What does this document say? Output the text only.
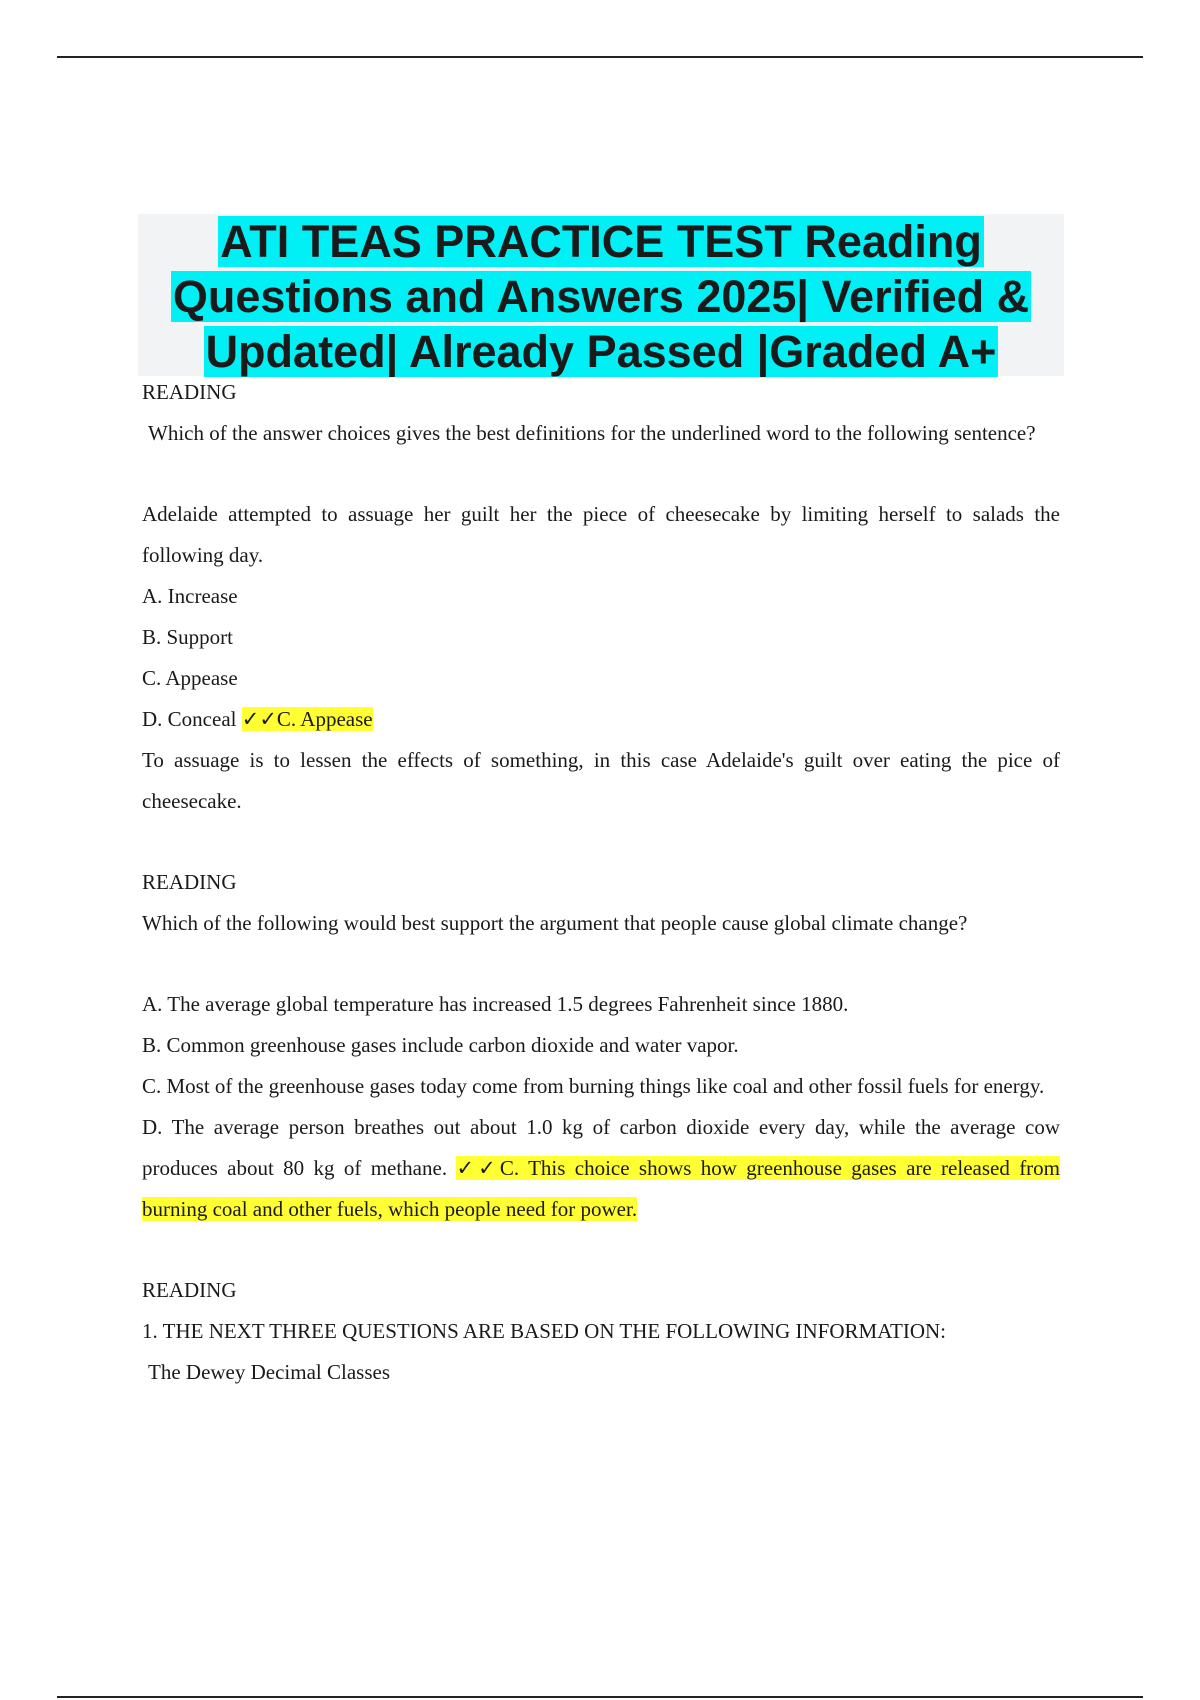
ATI TEAS PRACTICE TEST Reading
Questions and Answers 2025| Verified &
Updated| Already Passed |Graded A+

READING

Which of the answer choices gives the best definitions for the underlined word to the following sentence?

Adelaide attempted to assuage her guilt her the piece of cheesecake by limiting herself to salads the following day.

A. Increase

B. Support

C. Appease

D. Conceal ✓✓C. Appease

To assuage is to lessen the effects of something, in this case Adelaide's guilt over eating the pice of cheesecake.

READING

Which of the following would best support the argument that people cause global climate change?

A. The average global temperature has increased 1.5 degrees Fahrenheit since 1880.

B. Common greenhouse gases include carbon dioxide and water vapor.

C. Most of the greenhouse gases today come from burning things like coal and other fossil fuels for energy.

D. The average person breathes out about 1.0 kg of carbon dioxide every day, while the average cow produces about 80 kg of methane. ✓✓C. This choice shows how greenhouse gases are released from burning coal and other fuels, which people need for power.

READING

1. THE NEXT THREE QUESTIONS ARE BASED ON THE FOLLOWING INFORMATION:

The Dewey Decimal Classes
